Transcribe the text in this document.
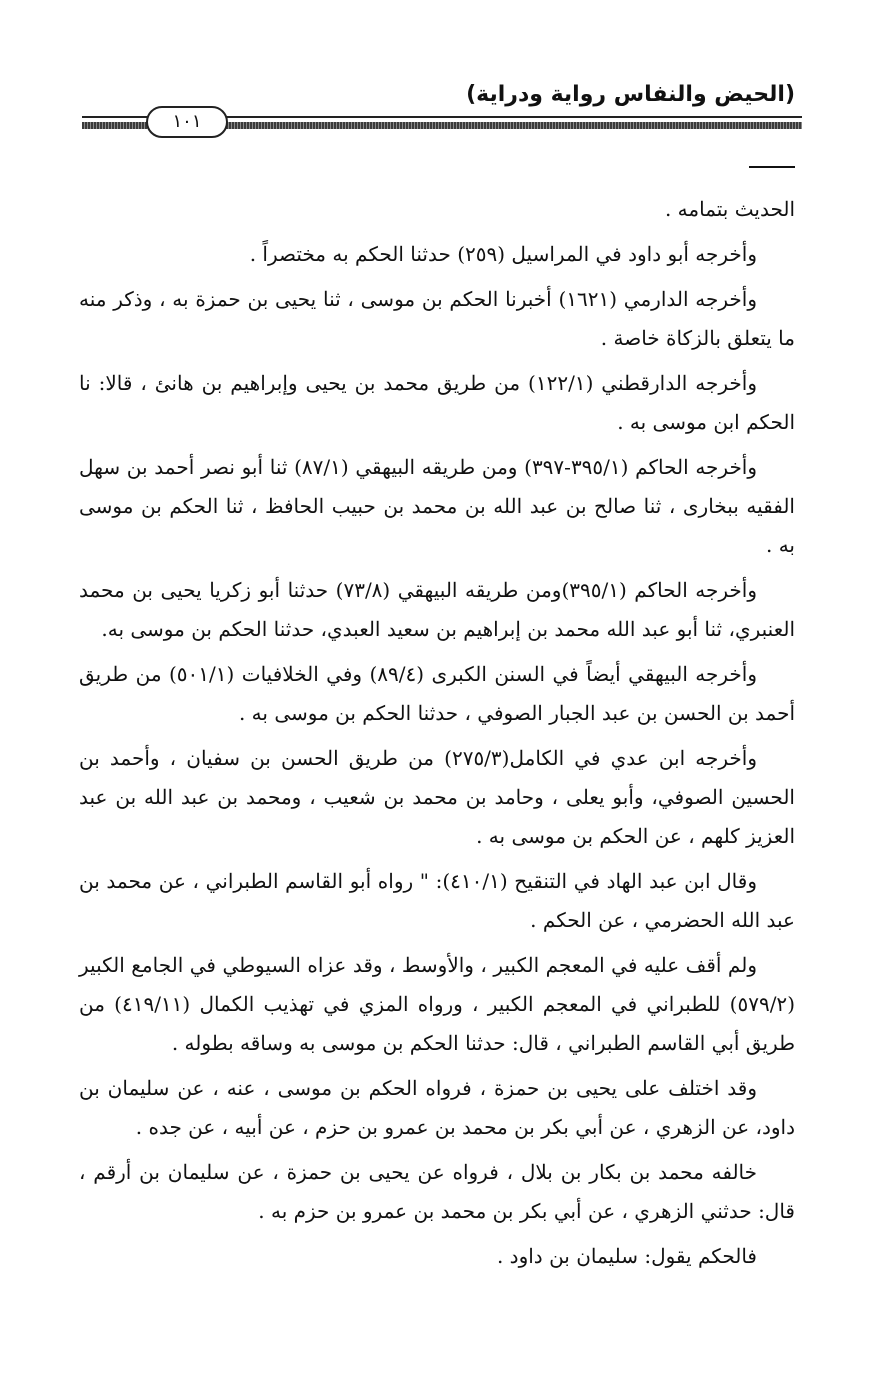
(الحيض والنفاس رواية ودراية)
١٠١

الحديث بتمامه .

وأخرجه أبو داود في المراسيل (٢٥٩) حدثنا الحكم به مختصراً .

وأخرجه الدارمي (١٦٢١) أخبرنا الحكم بن موسى ، ثنا يحيى بن حمزة به ، وذكر منه ما يتعلق بالزكاة خاصة .

وأخرجه الدارقطني (١٢٢/١) من طريق محمد بن يحيى وإبراهيم بن هانئ ، قالا: نا الحكم ابن موسى به .

وأخرجه الحاكم (٣٩٥/١-٣٩٧) ومن طريقه البيهقي (٨٧/١) ثنا أبو نصر أحمد بن سهل الفقيه ببخارى ، ثنا صالح بن عبد الله بن محمد بن حبيب الحافظ ، ثنا الحكم بن موسى به .

وأخرجه الحاكم (٣٩٥/١)ومن طريقه البيهقي (٧٣/٨) حدثنا أبو زكريا يحيى بن محمد العنبري، ثنا أبو عبد الله محمد بن إبراهيم بن سعيد العبدي، حدثنا الحكم بن موسى به.

وأخرجه البيهقي أيضاً في السنن الكبرى (٨٩/٤) وفي الخلافيات (٥٠١/١) من طريق أحمد بن الحسن بن عبد الجبار الصوفي ، حدثنا الحكم بن موسى به .

وأخرجه ابن عدي في الكامل(٢٧٥/٣) من طريق الحسن بن سفيان ، وأحمد بن الحسين الصوفي، وأبو يعلى ، وحامد بن محمد بن شعيب ، ومحمد بن عبد الله بن عبد العزيز كلهم ، عن الحكم بن موسى به .

وقال ابن عبد الهاد في التنقيح (٤١٠/١): " رواه أبو القاسم الطبراني ، عن محمد بن عبد الله الحضرمي ، عن الحكم .

ولم أقف عليه في المعجم الكبير ، والأوسط ، وقد عزاه السيوطي في الجامع الكبير (٥٧٩/٢) للطبراني في المعجم الكبير ، ورواه المزي في تهذيب الكمال (٤١٩/١١) من طريق أبي القاسم الطبراني ، قال: حدثنا الحكم بن موسى به وساقه بطوله .

وقد اختلف على يحيى بن حمزة ، فرواه الحكم بن موسى ، عنه ، عن سليمان بن داود، عن الزهري ، عن أبي بكر بن محمد بن عمرو بن حزم ، عن أبيه ، عن جده .

خالفه محمد بن بكار بن بلال ، فرواه عن يحيى بن حمزة ، عن سليمان بن أرقم ، قال: حدثني الزهري ، عن أبي بكر بن محمد بن عمرو بن حزم به .

فالحكم يقول: سليمان بن داود .
